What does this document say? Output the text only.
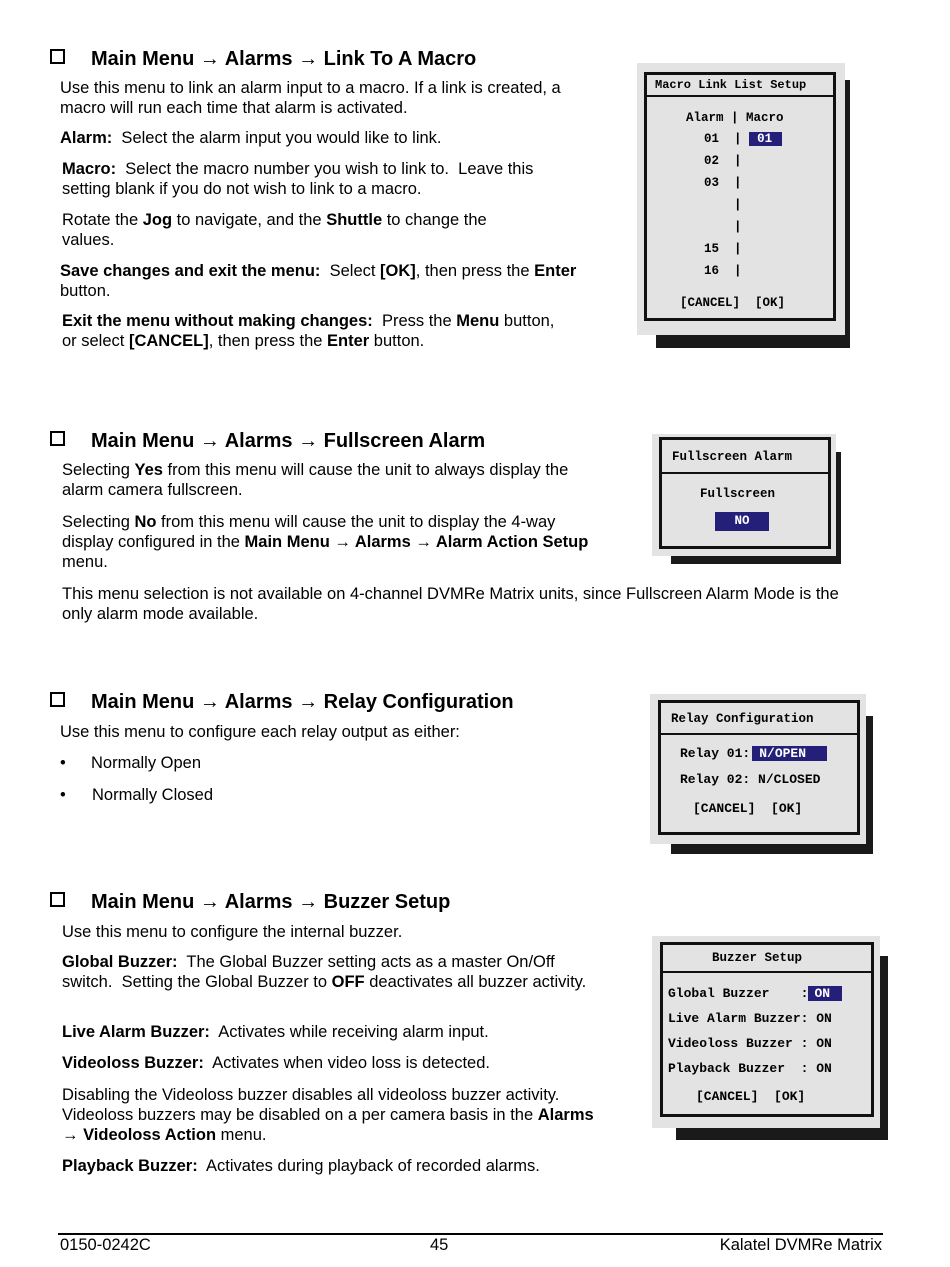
Main Menu → Alarms → Link To A Macro
Use this menu to link an alarm input to a macro. If a link is created, a macro will run each time that alarm is activated.
Alarm:  Select the alarm input you would like to link.
Macro:  Select the macro number you wish to link to.  Leave this setting blank if you do not wish to link to a macro.
Rotate the Jog to navigate, and the Shuttle to change the values.
Save changes and exit the menu:  Select [OK], then press the Enter button.
Exit the menu without making changes:  Press the Menu button, or select [CANCEL], then press the Enter button.
Macro Link List Setup
Alarm | Macro
01 | 01
02 |
03 |
|
|
15 |
16 |
[CANCEL] [OK]
Main Menu → Alarms → Fullscreen Alarm
Selecting Yes from this menu will cause the unit to always display the alarm camera fullscreen.
Selecting No from this menu will cause the unit to display the 4-way display configured in the Main Menu → Alarms → Alarm Action Setup menu.
This menu selection is not available on 4-channel DVMRe Matrix units, since Fullscreen Alarm Mode is the only alarm mode available.
Fullscreen Alarm
Fullscreen
NO
Main Menu → Alarms → Relay Configuration
Use this menu to configure each relay output as either:
• Normally Open
• Normally Closed
Relay Configuration
Relay 01: N/OPEN
Relay 02: N/CLOSED
[CANCEL] [OK]
Main Menu → Alarms → Buzzer Setup
Use this menu to configure the internal buzzer.
Global Buzzer:  The Global Buzzer setting acts as a master On/Off switch.  Setting the Global Buzzer to OFF deactivates all buzzer activity.
Live Alarm Buzzer:  Activates while receiving alarm input.
Videoloss Buzzer:  Activates when video loss is detected.
Disabling the Videoloss buzzer disables all videoloss buzzer activity. Videoloss buzzers may be disabled on a per camera basis in the Alarms → Videoloss Action menu.
Playback Buzzer:  Activates during playback of recorded alarms.
Buzzer Setup
Global Buzzer    : ON
Live Alarm Buzzer: ON
Videoloss Buzzer : ON
Playback Buzzer  : ON
[CANCEL] [OK]
0150-0242C	45	Kalatel DVMRe Matrix
